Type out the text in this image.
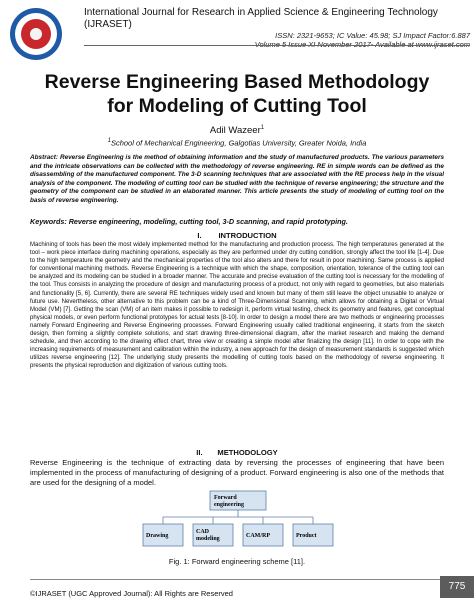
International Journal for Research in Applied Science & Engineering Technology (IJRASET)
ISSN: 2321-9653; IC Value: 45.98; SJ Impact Factor:6.887
Reverse Engineering Based Methodology
for Modeling of Cutting Tool
Adil Wazeer$^1$
$^1$School of Mechanical Engineering, Galgotias University, Greater Noida, India
Abstract: Reverse Engineering is the method of obtaining information and the study of manufactured products. The various parameters and the intricate observations can be collected with the methodology of reverse engineering. RE in simple words can be defined as the disassembling of the manufactured component. The 3-D scanning techniques that are associated with the RE process help in the visual analysis of the component. The modeling of cutting tool can be studied with the technique of reverse engineering; the structure and the geometry of the component can be studied in an elaborated manner. This article presents the study of modeling of cutting tool on the basis of reverse engineering.
Keywords: Reverse engineering, modeling, cutting tool, 3-D scanning, and rapid prototyping.
I.        INTRODUCTION
Machining of tools has been the most widely implemented method for the manufacturing and production process. The high temperatures generated at the tool – work piece interface during machining operations, especially as they are performed under dry cutting condition, strongly affect the tool life [1-4]. Due to the high temperature the geometry and the mechanical properties of the tool also alters and there for result in poor machining. Same process is applied for conventional machining methods. Reverse Engineering is a technique with which the shape, composition, orientation, tolerance of the cutting tool can be analyzed and its modeling can be studied in a broader manner. The accurate and precise evaluation of the cutting tool is necessary for the modelling of the tool. Thus consists in analyzing the procedure of design and manufacturing process of a product, not only with regard to geometries, but also materials and functionality [5, 6]. Currently, there are several RE techniques widely used and known but many of them still leave the object unusable to analyze or future use. Nevertheless, other alternative to this problem can be a kind of Three-Dimensional Scanning, which allows for obtaining a Digital or Virtual Model (VM) [7]. Getting the scan (VM) of an item makes it possible to redesign it, perform virtual testing, check its geometry and features, get conceptual physical models, or even perform functional prototypes for actual tests [8-10]. In order to design a model there are two methods or engineering processes namely Forward Engineering and Reverse Engineering processes. Forward Engineering usually called traditional engineering, it starts from the sketch design, then forming a slightly complete solutions, and start drawing three-dimensional diagram, after the market research and making the demand schedule, and then according to the drawing effect chart, three view or creating a simple model after finalizing the design [11]. In order to cope with the increasing requirements of measurement and calibration within the industry, a new approach for the design of measurement standards is suggested which utilizes reverse engineering [12]. The underlying study presents the modelling of cutting tools based on the methodology of reverse engineering. It presents the physical reproduction and digitization of various cutting tools.
II.       METHODOLOGY
Reverse Engineering is the technique of extracting data by reversing the processes of engineering that have been implemented in the process of manufacturing of designing of a product. Forward engineering is also one of the methods that are used for the designing of a model.
Forward
engineering
Drawing
CAD
modeling	CAM/RP	Product
Fig. 1: Forward engineering scheme [11].
©IJRASET (UGC Approved Journal): All Rights are Reserved
775
